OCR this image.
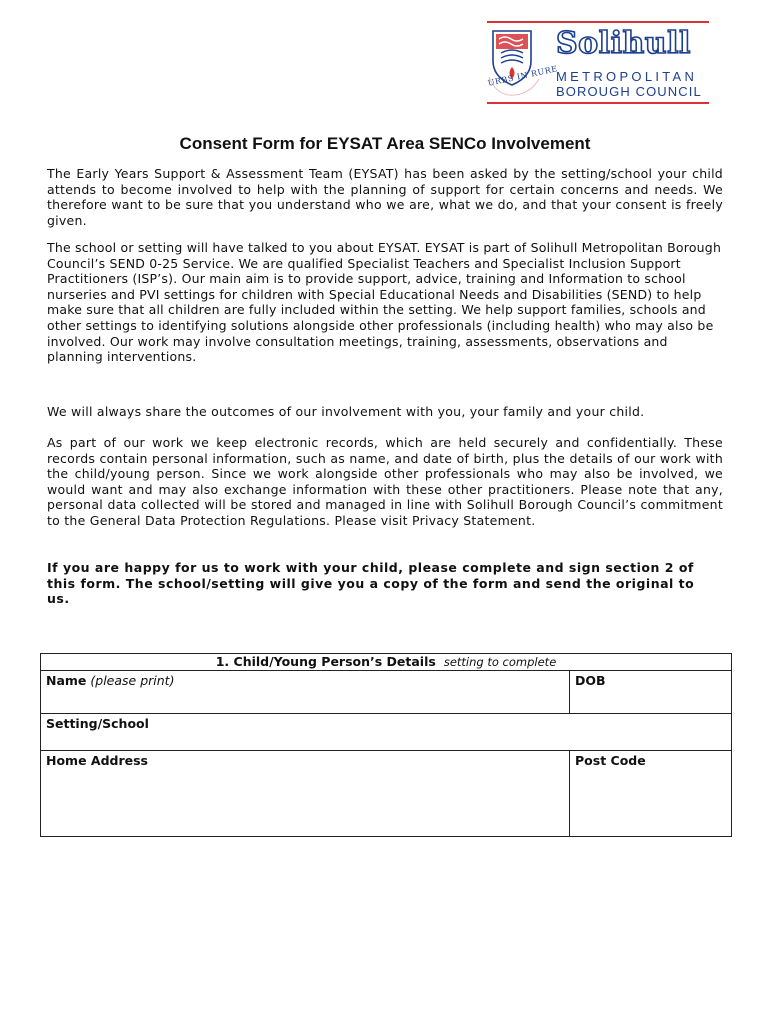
URBS IN RURE
Solihull
METROPOLITAN
BOROUGH COUNCIL
Consent Form for EYSAT Area SENCo Involvement

The Early Years Support & Assessment Team (EYSAT) has been asked by the setting/school your child attends to become involved to help with the planning of support for certain concerns and needs. We therefore want to be sure that you understand who we are, what we do, and that your consent is freely given.

The school or setting will have talked to you about EYSAT. EYSAT is part of Solihull Metropolitan Borough Council’s SEND 0-25 Service. We are qualified Specialist Teachers and Specialist Inclusion Support Practitioners (ISP’s). Our main aim is to provide support, advice, training and Information to school nurseries and PVI settings for children with Special Educational Needs and Disabilities (SEND) to help make sure that all children are fully included within the setting. We help support families, schools and other settings to identifying solutions alongside other professionals (including health) who may also be involved. Our work may involve consultation meetings, training, assessments, observations and planning interventions.

We will always share the outcomes of our involvement with you, your family and your child.

As part of our work we keep electronic records, which are held securely and confidentially. These records contain personal information, such as name, and date of birth, plus the details of our work with the child/young person. Since we work alongside other professionals who may also be involved, we would want and may also exchange information with these other practitioners. Please note that any, personal data collected will be stored and managed in line with Solihull Borough Council’s commitment to the General Data Protection Regulations. Please visit Privacy Statement.

If you are happy for us to work with your child, please complete and sign section 2 of this form. The school/setting will give you a copy of the form and send the original to us.

1. Child/Young Person’s Details setting to complete	
Name (please print)	DOB
Setting/School	
Home Address	Post Code
